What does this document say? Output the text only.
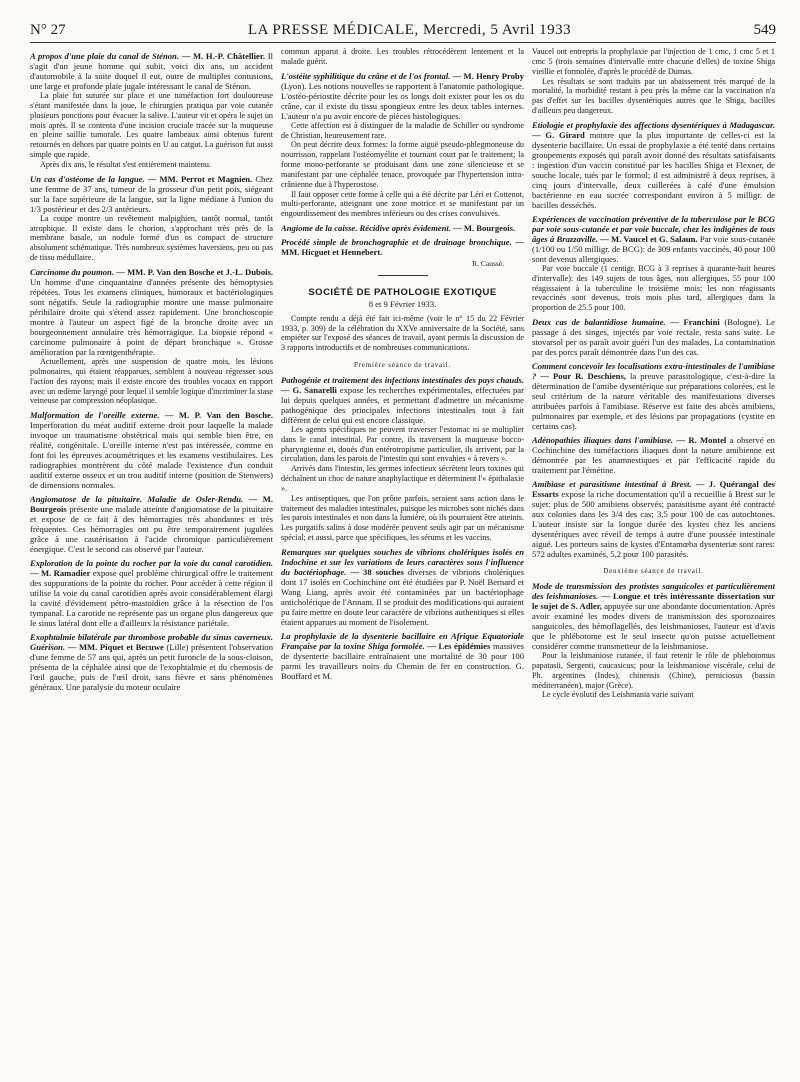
N° 27	LA PRESSE MÉDICALE, Mercredi, 5 Avril 1933	549

A propos d'une plaie du canal de Sténon. — M. H.-P. Châtellier. Il s'agit d'un jeune homme qui subit, voici dix ans, un accident d'automobile à la suite duquel il eut, outre de multiples contusions, une large et profonde plaie jugale intéressant le canal de Sténon.

La plaie fut suturée sur place et une tuméfaction fort douloureuse s'étant manifestée dans la joue, le chirurgien pratiqua par voie cutanée plusieurs ponctions pour évacuer la salive. L'auteur vit et opéra le sujet un mois après. Il se contenta d'une incision cruciale tracée sur la muqueuse en pleine saillie tumorale. Les quatre lambeaux ainsi obtenus furent retournés en dehors par quatre points en U au catgut. La guérison fut aussi simple que rapide.

Après dix ans, le résultat s'est entièrement maintenu.

Un cas d'ostéome de la langue. — MM. Perrot et Magnien. Chez une femme de 37 ans, tumeur de la grosseur d'un petit pois, siégeant sur la face supérieure de la langue, sur la ligne médiane à l'union du 1/3 postérieur et des 2/3 antérieurs.

La coupe montre un revêtement malpighien, tantôt normal, tantôt atrophique. Il existe dans le chorion, s'approchant très près de la membrane basale, un nodule formé d'un os compact de structure absolument schématique. Très nombreux systèmes haversiens, peu ou pas de tissu médullaire.

Carcinome du poumon. — MM. P. Van den Bosche et J.-L. Dubois. Un homme d'une cinquantaine d'années présente des hémoptysies répétées. Tous les examens cliniques, humoraux et bactériologiques sont négatifs. Seule la radiographie montre une masse pulmonaire périhilaire droite qui s'étend assez rapidement. Une bronchoscopie montre à l'auteur un aspect figé de la bronche droite avec un bourgeonnement annulaire très hémorragique. La biopsie répond « carcinome pulmonaire à point de départ bronchique ». Grosse amélioration par la rœntgenthérapie.

Actuellement, après une suspension de quatre mois, les lésions pulmonaires, qui étaient réapparues, semblent à nouveau régresser sous l'action des rayons; mais il existe encore des troubles vocaux en rapport avec un œdème laryngé pour lequel il semble logique d'incriminer la stase veineuse par compression néoplasique.

Malformation de l'oreille externe. — M. P. Van den Bosche. Imperforation du méat auditif externe droit pour laquelle la malade invoque un traumatisme obstétrical mais qui semble bien être, en réalité, congénitale. L'oreille interne n'est pas intéressée, comme en font foi les épreuves acoumétriques et les examens vestibulaires. Les radiographies montrèrent du côté malade l'existence d'un conduit auditif externe osseux et un trou auditif interne (position de Stenwers) de dimensions normales.

Angiomatose de la pituitaire. Maladie de Osler-Rendu. — M. Bourgeois présente une malade atteinte d'angiomatose de la pituitaire et expose de ce fait à des hémorragies très abondantes et très fréquentes. Ces hémorragies ont pu être temporairement jugulées grâce à une cautérisation à l'acide chromique particulièrement énergique. C'est le second cas observé par l'auteur.

Exploration de la pointe du rocher par la voie du canal carotidien. — M. Ramadier expose quel problème chirurgical offre le traitement des suppurations de la pointe du rocher. Pour accéder à cette région il utilise la voie du canal carotidien après avoir considérablement élargi la cavité d'évidement pétro-mastoïdien grâce à la résection de l'os tympanal. La carotide ne représente pas un organe plus dangereux que le sinus latéral dont elle a d'ailleurs la résistance pariétale.

Exophtalmie bilatérale par thrombose probable du sinus caverneux. Guérison. — MM. Piquet et Becuwe (Lille) présentent l'observation d'une femme de 57 ans qui, après un petit furoncle de la sous-cloison, présenta de la céphalée ainsi que de l'exophtalmie et du chemosis de l'œil gauche, puis de l'œil droit, sans fièvre et sans phénomènes généraux. Une paralysie du moteur oculaire

commun apparut à droite. Les troubles rétrocédèrent lentement et la malade guérit.

L'ostéite syphilitique du crâne et de l'os frontal. — M. Henry Proby (Lyon). Les notions nouvelles se rapportent à l'anatomie pathologique. L'ostéo-périostite décrite pour les os longs doit exister pour les os du crâne, car il existe du tissu spongieux entre les deux tables internes. L'auteur n'a pu avoir encore de pièces histologiques.

Cette affection est à distinguer de la maladie de Schiller ou syndrome de Christian, heureusement rare.

On peut décrire deux formes: la forme aiguë pseudo-phlegmoneuse du nourrisson, rappelant l'ostéomyélite et tournant court par le traitement; la forme mono-perforante se produisant dans une zone silencieuse et se manifestant par une céphalée tenace, provoquée par l'hypertension intra-crânienne due à l'hyperostose.

Il faut opposer cette forme à celle qui a été décrite par Léri et Cottenot, multi-perforante, atteignant une zone motrice et se manifestant par un engourdissement des membres inférieurs ou des crises convulsives.

Angiome de la caisse. Récidive après évidement. — M. Bourgeois.

Procédé simple de bronchographie et de drainage bronchique. — MM. Hicguet et Hennebert.

R. Caussé.
SOCIÉTÉ DE PATHOLOGIE EXOTIQUE
8 et 9 Février 1933.

Compte rendu a déjà été fait ici-même (voir le n° 15 du 22 Février 1933, p. 309) de la célébration du XXVe anniversaire de la Société, sans empiéter sur l'exposé des séances de travail, ayant permis la discussion de 3 rapports introductifs et de nombreuses communications.

Première séance de travail.

Pathogénie et traitement des infections intestinales des pays chauds. — G. Sanarelli expose les recherches expérimentales, effectuées par lui depuis quelques années, et permettant d'admettre un mécanisme pathogénique des principales infections intestinales tout à fait différent de celui qui est encore classique.

Les agents spécifiques ne peuvent traverser l'estomac ni se multiplier dans le canal intestinal. Par contre, ils traversent la muqueuse bucco-pharyngienne et, doués d'un entérotropisme particulier, ils arrivent, par la circulation, dans les parois de l'intestin qui sont envahies « à revers ».

Arrivés dans l'intestin, les germes infectieux sécrètent leurs toxines qui déchaînent un choc de nature anaphylactique et déterminent l'« épithalaxie ».

Les antiseptiques, que l'on prône parfois, seraient sans action dans le traitement des maladies intestinales, puisque les microbes sont nichés dans les parois intestinales et non dans la lumière, où ils pourraient être atteints. Les purgatifs salins à dose modérée peuvent seuls agir par un mécanisme spécial; et aussi, parce que spécifiques, les sérums et les vaccins.

Remarques sur quelques souches de vibrions cholériques isolés en Indochine et sur les variations de leurs caractères sous l'influence du bactériophage. — 38 souches diverses de vibrions cholériques dont 17 isolés en Cochinchine ont été étudiées par P. Noël Bernard et Wang Liang, après avoir été contaminées par un bactériophage anticholérique de l'Annam. Il se produit des modifications qui auraient pu faire mettre en doute leur caractère de vibrions authentiques si elles étaient apparues au moment de l'isolement.

La prophylaxie de la dysenterie bacillaire en Afrique Equatoriale Française par la toxine Shiga formolée. — Les épidémies massives de dysenterie bacillaire entraînaient une mortalité de 30 pour 100 parmi les travailleurs noirs du Chemin de fer en construction. G. Bouffard et M.

Vaucel ont entrepris la prophylaxie par l'injection de 1 cmc, 1 cmc 5 et 1 cmc 5 (trois semaines d'intervalle entre chacune d'elles) de toxine Shiga vieillie et formolée, d'après le procédé de Dumas.

Les résultats se sont traduits par un abaissement très marqué de la mortalité, la morbidité restant à peu près la même car la vaccination n'a pas d'effet sur les bacilles dysentériques autres que le Shiga, bacilles d'ailleurs peu dangereux.

Etiologie et prophylaxie des affections dysentériques à Madagascar. — G. Girard montre que la plus importante de celles-ci est la dysenterie bacillaire. Un essai de prophylaxie a été tenté dans certains groupements exposés qui paraît avoir donné des résultats satisfaisants : ingestion d'un vaccin constitué par les bacilles Shiga et Flexner, de souche locale, tués par le formol; il est administré à deux reprises, à cinq jours d'intervalle, deux cuillerées à café d'une émulsion bactérienne en eau sucrée correspondant environ à 5 milligr. de bacilles desséchés.

Expériences de vaccination préventive de la tuberculose par le BCG par voie sous-cutanée et par voie buccale, chez les indigènes de tous âges à Brazzaville. — M. Vaucel et G. Salaun. Par voie sous-cutanée (1/100 ou 1/50 milligr. de BCG): de 309 enfants vaccinés, 40 pour 100 sont devenus allergiques.

Par voie buccale (1 centigr. BCG à 3 reprises à quarante-huit heures d'intervalle): des 149 sujets de tous âges, non allergiques, 55 pour 100 réagissaient à la tuberculine le troisième mois; les non réagissants revaccinés sont devenus, trois mois plus tard, allergiques dans la proportion de 25.5 pour 100.

Deux cas de balantidiose humaine. — Franchini (Bologne). Le passage à des singes, injectés par voie rectale, resta sans suite. Le stovarsol per os paraît avoir guéri l'un des malades. La contamination par des porcs paraît démontrée dans l'un des cas.

Comment concevoir les localisations extra-intestinales de l'amibiase ? — Pour R. Deschiens, la preuve parasitologique, c'est-à-dire la détermination de l'amibe dysentérique sur préparations colorées, est le seul critérium de la nature véritable des manifestations diverses attribuées parfois à l'amibiase. Réserve est faite des abcès amibiens, pulmonaires par exemple, et des lésions par propagations (cystite en certains cas).

Adénopathies iliaques dans l'amibiase. — R. Montel a observé en Cochinchine des tuméfactions iliaques dont la nature amibienne est démontrée par les anamnestiques et par l'efficacité rapide du traitement par l'émétine.

Amibiase et parasitisme intestinal à Brest. — J. Quérangal des Essarts expose la riche documentation qu'il a recueillie à Brest sur le sujet: plus de 500 amibiens observés; parasitisme ayant été contracté aux colonies dans les 3/4 des cas; 3,5 pour 100 de cas autochtones. L'auteur insiste sur la longue durée des kystes chez les anciens dysentériques avec réveil de temps à autre d'une poussée intestinale aiguë. Les porteurs sains de kystes d'Entamœba dysenteriæ sont rares: 572 adultes examinés, 5,2 pour 100 parasités.

Deuxième séance de travail.

Mode de transmission des protistes sanguicoles et particulièrement des leishmanioses. — Longue et très intéressante dissertation sur le sujet de S. Adler, appuyée sur une abondante documentation. Après avoir examiné les modes divers de transmission des sporozoaires sanguicoles, des hémoflagellés, des leishmanioses, l'auteur est d'avis que le phlébotome est le seul insecte qu'on puisse actuellement considérer comme transmetteur de la leishmaniose.

Pour la leishmaniose cutanée, il faut retenir le rôle de phlebotomus papatasii, Sergenti, caucasicus; pour la leishmaniose viscérale, celui de Ph. argentines (Indes), chinensis (Chine), perniciosus (bassin méditerranéen), major (Grèce).

Le cycle évolutif des Leishmania varie suivant
